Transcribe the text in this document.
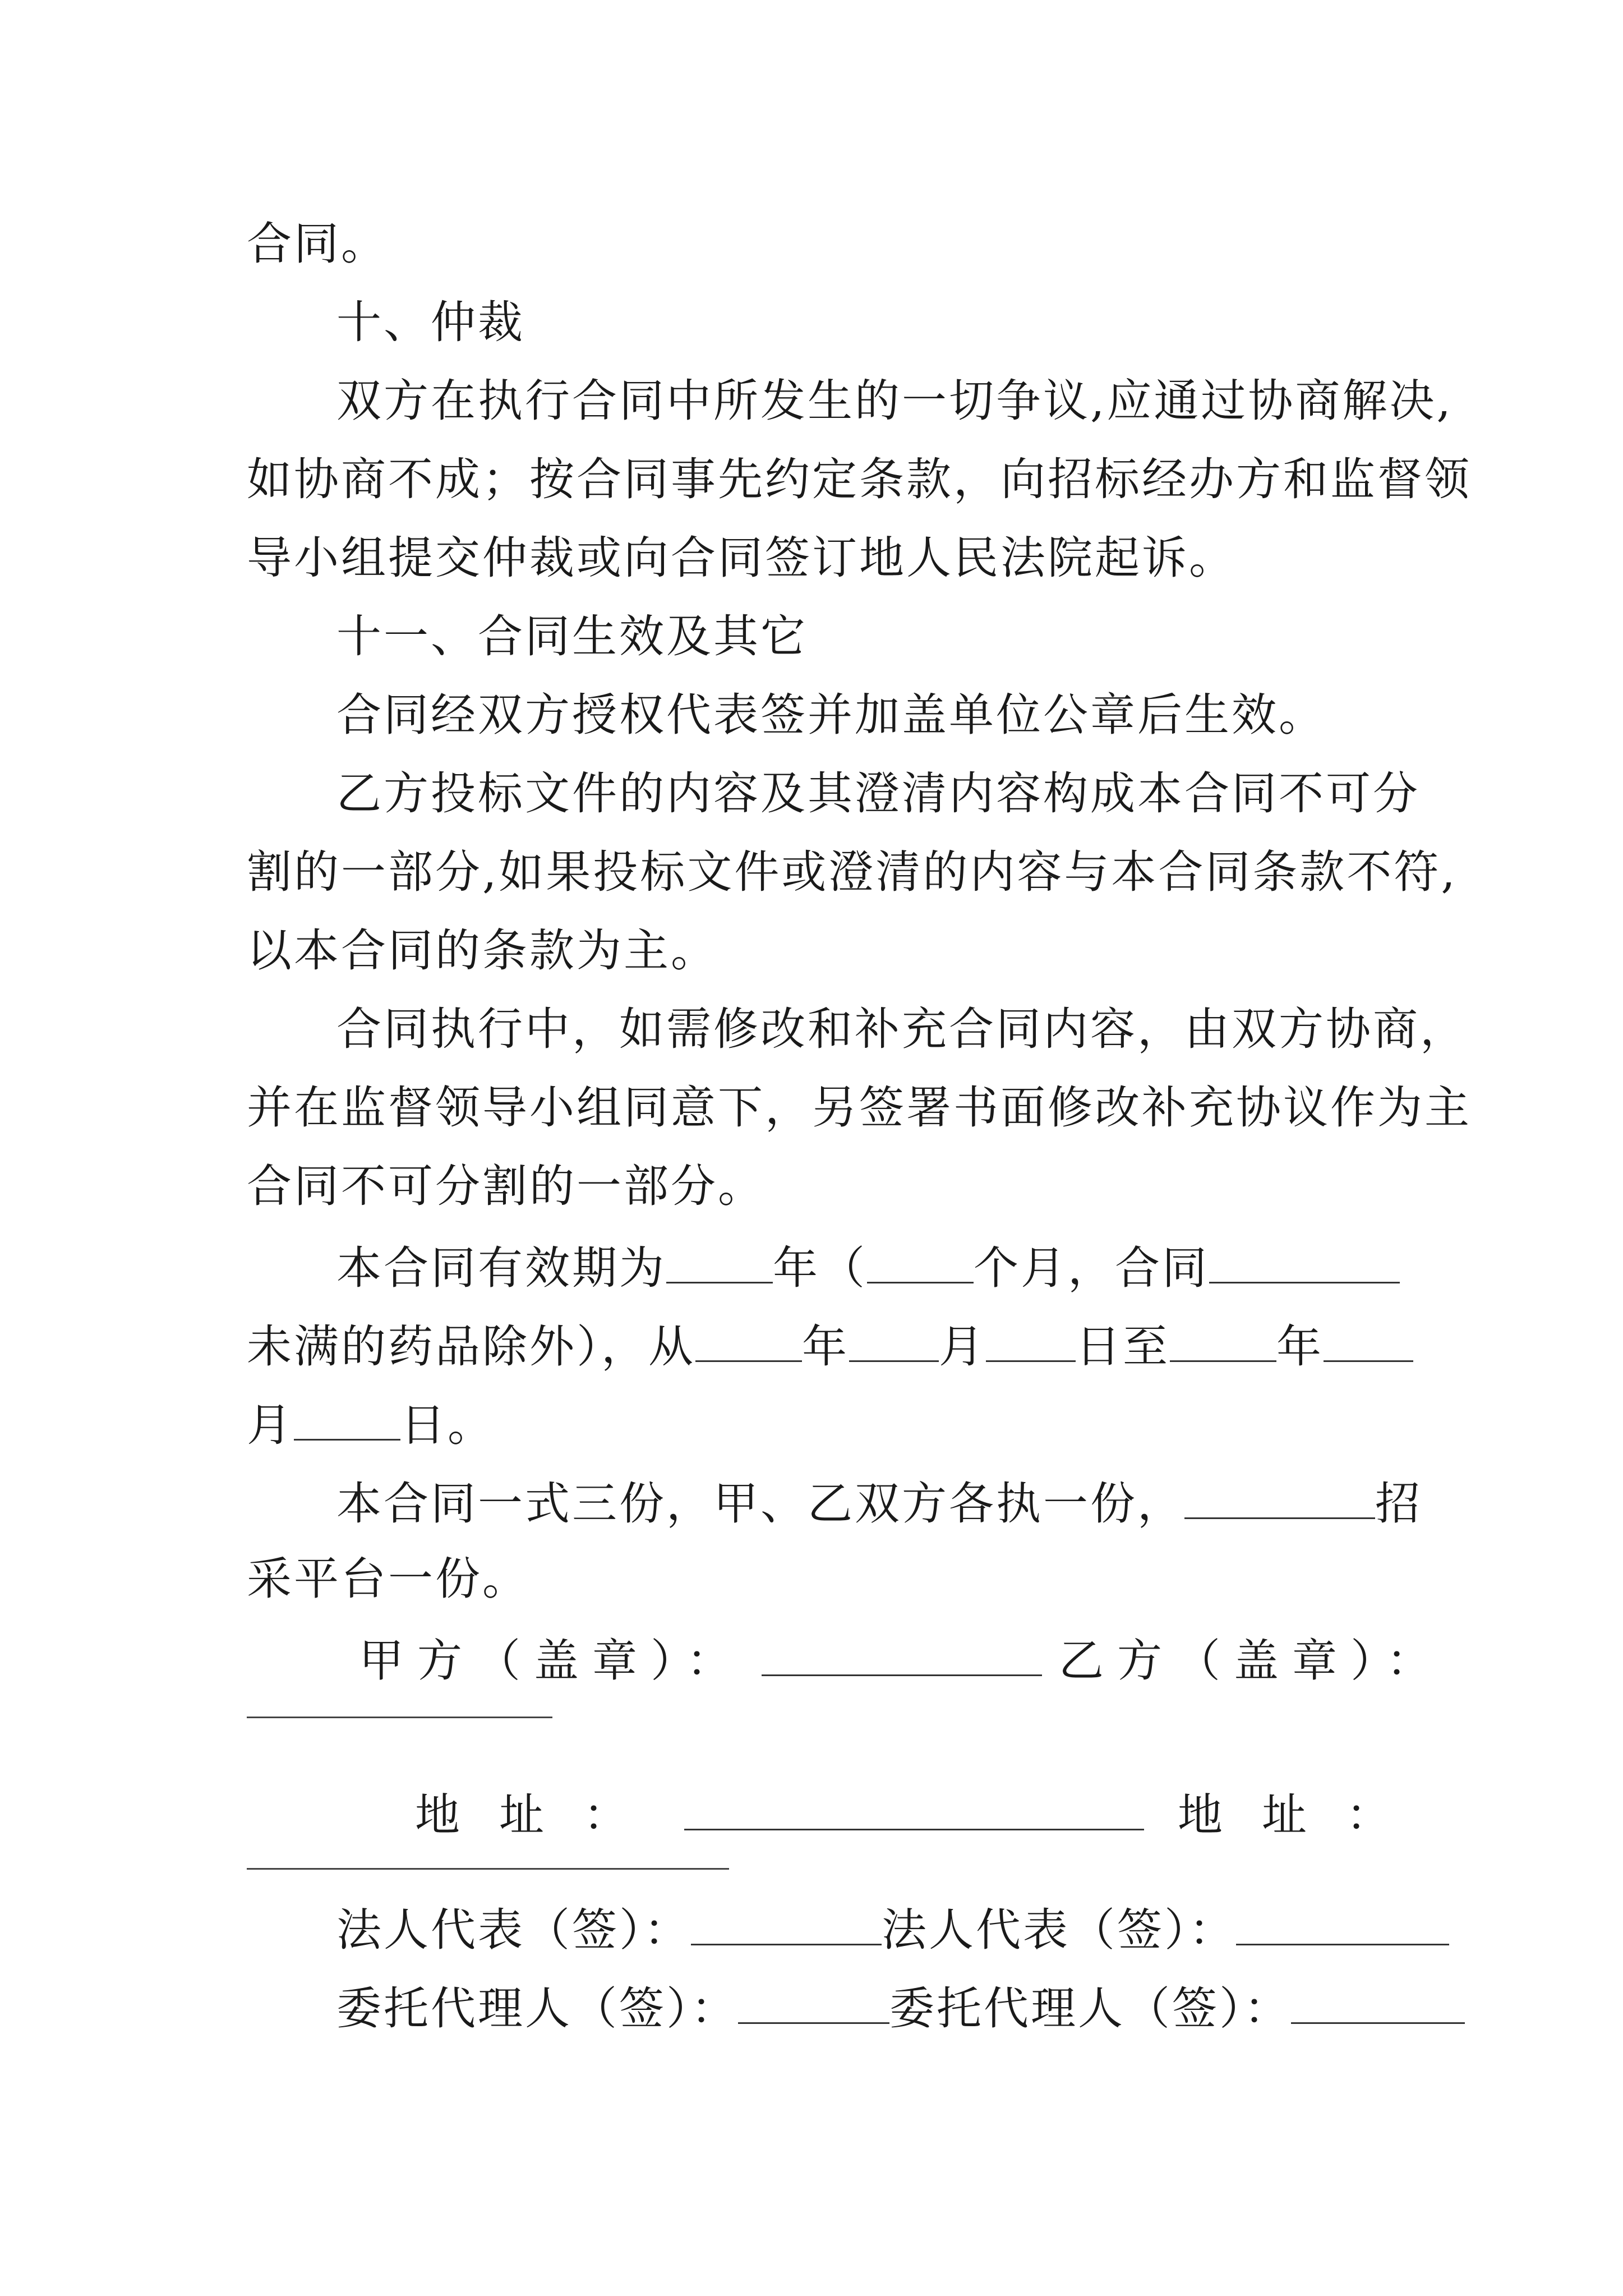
合同。
十、仲裁
双方在执行合同中所发生的一切争议,应通过协商解决,
如协商不成；按合同事先约定条款，向招标经办方和监督领
导小组提交仲裁或向合同签订地人民法院起诉。
十一、合同生效及其它
合同经双方授权代表签并加盖单位公章后生效。
乙方投标文件的内容及其澄清内容构成本合同不可分
割的一部分,如果投标文件或澄清的内容与本合同条款不符,
以本合同的条款为主。
合同执行中，如需修改和补充合同内容，由双方协商，
并在监督领导小组同意下，另签署书面修改补充协议作为主
合同不可分割的一部分。
本合同有效期为 年（ 个月，合同
未满的药品除外），从 年 月 日至 年
月 日。
本合同一式三份，甲、乙双方各执一份，	招
采平台一份。
甲方（盖章）：	乙方（盖章）：
地址：	地址：
法人代表（签）：	法人代表（签）：
委托代理人（签）：	委托代理人（签）：
